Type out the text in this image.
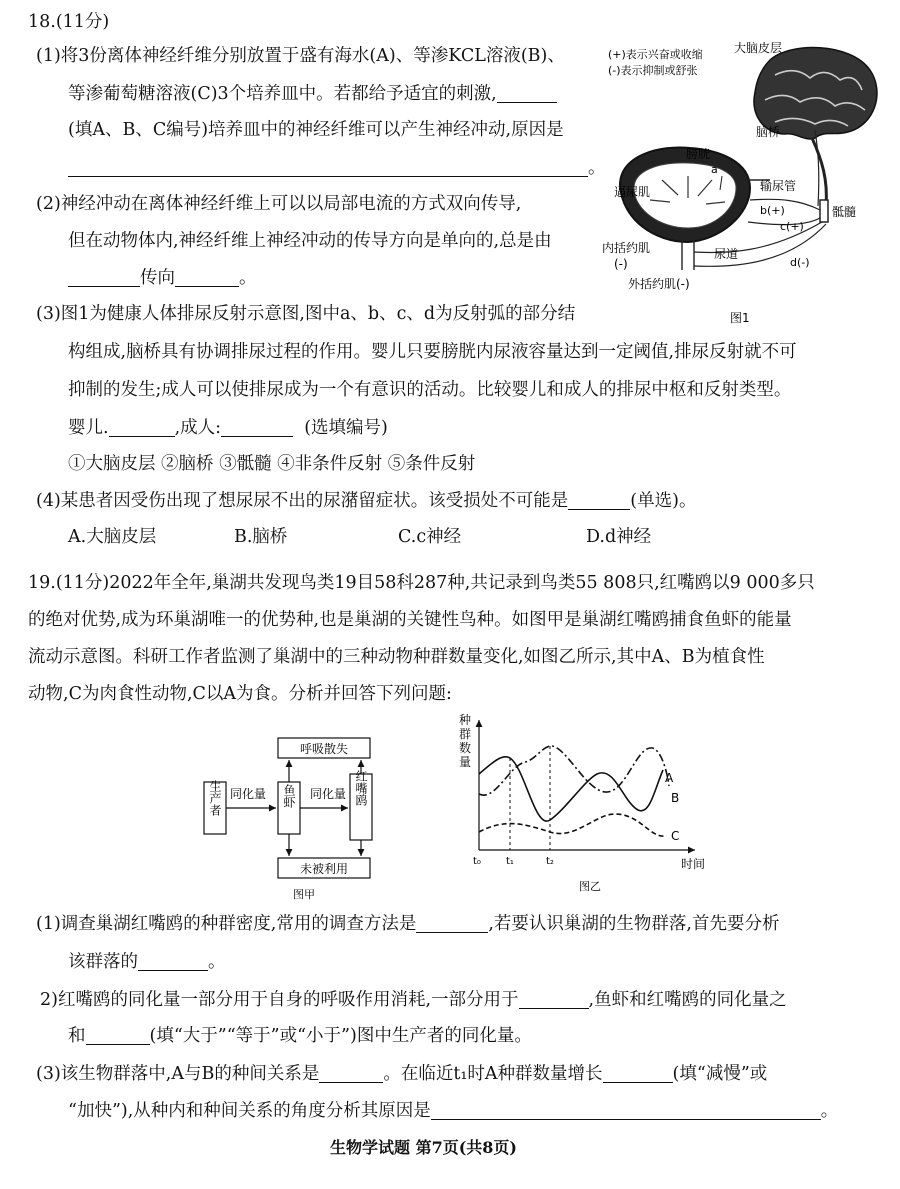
18.(11分)
(1)将3份离体神经纤维分别放置于盛有海水(A)、等渗KCL溶液(B)、
等渗葡萄糖溶液(C)3个培养皿中。若都给予适宜的刺激,
(填A、B、C编号)培养皿中的神经纤维可以产生神经冲动,原因是
。
(2)神经冲动在离体神经纤维上可以以局部电流的方式双向传导,
但在动物体内,神经纤维上神经冲动的传导方向是单向的,总是由
传向	。
(3)图1为健康人体排尿反射示意图,图中a、b、c、d为反射弧的部分结
构组成,脑桥具有协调排尿过程的作用。婴儿只要膀胱内尿液容量达到一定阈值,排尿反射就不可
抑制的发生;成人可以使排尿成为一个有意识的活动。比较婴儿和成人的排尿中枢和反射类型。
婴儿.	,成人:	(选填编号)
①大脑皮层 ②脑桥 ③骶髓 ④非条件反射 ⑤条件反射
(4)某患者因受伤出现了想尿尿不出的尿潴留症状。该受损处不可能是	(单选)。
A.大脑皮层	B.脑桥	C.c神经	D.d神经
(+)表示兴奋或收缩
(-)表示抑制或舒张
大脑皮层
脑桥
骶髓
膀胱
a
输尿管
逼尿肌
b(+)
c(+)
尿道
d(-)
内括约肌
(-)
外括约肌(-)
图1
19.(11分)2022年全年,巢湖共发现鸟类19目58科287种,共记录到鸟类55 808只,红嘴鸥以9 000多只
的绝对优势,成为环巢湖唯一的优势种,也是巢湖的关键性鸟种。如图甲是巢湖红嘴鸥捕食鱼虾的能量
流动示意图。科研工作者监测了巢湖中的三种动物种群数量变化,如图乙所示,其中A、B为植食性
动物,C为肉食性动物,C以A为食。分析并回答下列问题:
呼吸散失
生产者 同化量 鱼虾 同化量 红嘴鸥
未被利用
图甲
种
群
数
量
A
B
C
t₀	t₁	t₂	时间
图乙
(1)调查巢湖红嘴鸥的种群密度,常用的调查方法是	,若要认识巢湖的生物群落,首先要分析
该群落的	。
2)红嘴鸥的同化量一部分用于自身的呼吸作用消耗,一部分用于	,鱼虾和红嘴鸥的同化量之
和	(填“大于”“等于”或“小于”)图中生产者的同化量。
(3)该生物群落中,A与B的种间关系是	。在临近t₁时A种群数量增长	(填“减慢”或
“加快”),从种内和种间关系的角度分析其原因是	。
生物学试题 第7页(共8页)
